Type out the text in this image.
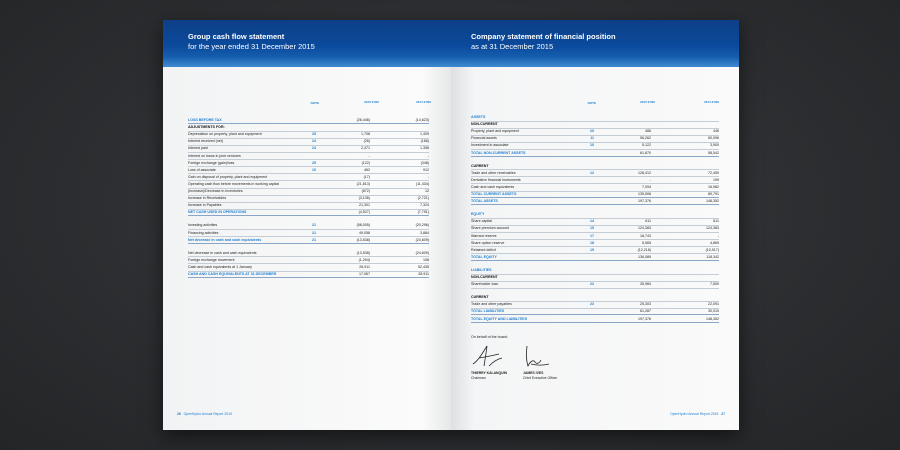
Group cash flow statement
for the year ended 31 December 2015
NOTE	2015 €'000	2014 €'000
LOSS BEFORE TAX	(26,446)	(14,623)
ADJUSTMENTS FOR:
Depreciation on property, plant and equipment	25	1,708	1,409
Interest received (net)	24	(26)	(166)
Interest paid	24	2,471	1,356
Interest on loans in joint ventures	-	-
Foreign exchange (gain)/loss	25	(122)	(348)
Loss of associate	10	462	912
Gain on disposal of property, plant and equipment	(17)	-
Operating cash flow before movements in working capital	(21,813)	(11,434)
(Increase)/Decrease in inventories	(872)	12
Increase in Receivables	(3,136)	(2,721)
Increase in Payables	21,301	7,324
NET CASH USED IN OPERATIONS	(4,527)	(7,791)
Investing activities	21	(58,005)	(20,296)
Financing activities	21	49,058	3,884
Net decrease in cash and cash equivalents	21	(13,538)	(24,609)
Net decrease in cash and cash equivalents	(13,538)	(24,609)
Foreign exchange movement	(1,294)	108
Cash and cash equivalents at 1 January	28,911	52,435
CASH AND CASH EQUIVALENTS AT 31 DECEMBER	17,067	28,911
26 OpenHydro Annual Report 2015
Company statement of financial position
as at 31 December 2015
NOTE	2015 €'000	2014 €'000
ASSETS
NON-CURRENT
Property, plant and equipment	20	486	446
Financial assets	11	56,262	50,096
Investment in associate	10	5,122	3,900
TOTAL NON-CURRENT ASSETS	61,870	58,542
CURRENT
Trade and other receivables	12	128,412	72,459
Derivative financial instruments	-	199
Cash and cash equivalents	7,094	16,982
TOTAL CURRENT ASSETS	135,506	89,791
TOTAL ASSETS	197,376	148,352
EQUITY
Share capital	14	611	611
Share premium account	15	124,383	124,383
Warrant reserve	17	18,743	-
Share option reserve	18	5,565	4,865
Retained deficit	19	(12,218)	(10,917)
TOTAL EQUITY	136,089	118,342
LIABILITIES
NON-CURRENT
Shareholder loan	22	35,984	7,500
CURRENT
Trade and other payables	23	25,303	22,091
TOTAL LIABILITIES	61,287	30,010
TOTAL EQUITY AND LIABILITIES	197,376	148,352
On behalf of the board:
THIERRY KALANQUIN
Chairman
JAMES IVES
Chief Executive Officer
OpenHydro Annual Report 2015 27
